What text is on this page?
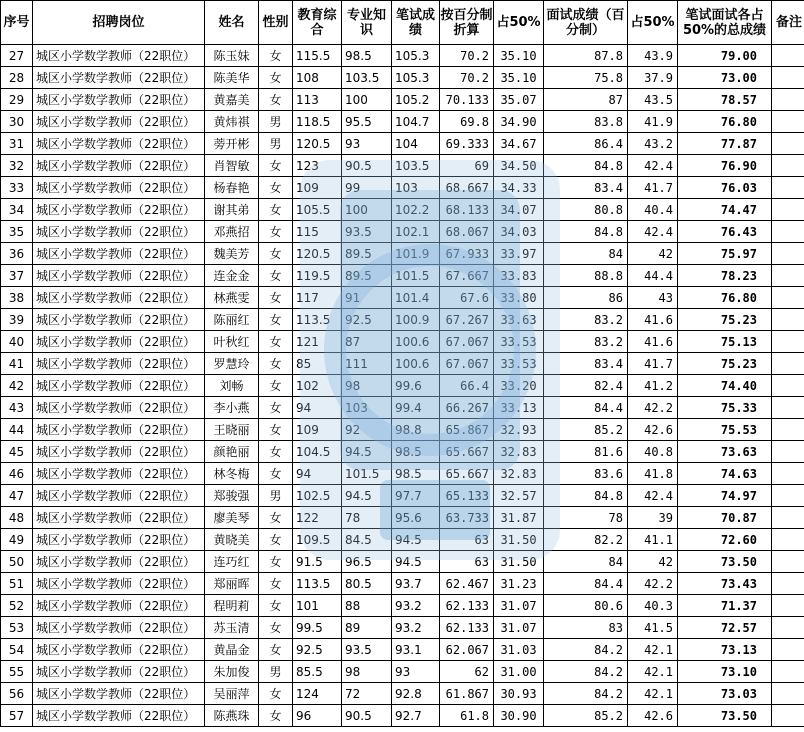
序号	招聘岗位	姓名	性别	教育综合	专业知识	笔试成绩	按百分制折算	占50%	面试成绩（百分制）	占50%	笔试面试各占50%的总成绩	备注
27	城区小学数学教师（22职位）	陈玉妹	女	115.5	98.5	105.3	70.2	35.10	87.8	43.9	79.00	
28	城区小学数学教师（22职位）	陈美华	女	108	103.5	105.3	70.2	35.10	75.8	37.9	73.00	
29	城区小学数学教师（22职位）	黄嘉美	女	113	100	105.2	70.133	35.07	87	43.5	78.57	
30	城区小学数学教师（22职位）	黄炜祺	男	118.5	95.5	104.7	69.8	34.90	83.8	41.9	76.80	
31	城区小学数学教师（22职位）	蒡开彬	男	120.5	93	104	69.333	34.67	86.4	43.2	77.87	
32	城区小学数学教师（22职位）	肖智敏	女	123	90.5	103.5	69	34.50	84.8	42.4	76.90	
33	城区小学数学教师（22职位）	杨春艳	女	109	99	103	68.667	34.33	83.4	41.7	76.03	
34	城区小学数学教师（22职位）	谢其弟	女	105.5	100	102.2	68.133	34.07	80.8	40.4	74.47	
35	城区小学数学教师（22职位）	邓燕招	女	115	93.5	102.1	68.067	34.03	84.8	42.4	76.43	
36	城区小学数学教师（22职位）	魏美芳	女	120.5	89.5	101.9	67.933	33.97	84	42	75.97	
37	城区小学数学教师（22职位）	连金金	女	119.5	89.5	101.5	67.667	33.83	88.8	44.4	78.23	
38	城区小学数学教师（22职位）	林燕雯	女	117	91	101.4	67.6	33.80	86	43	76.80	
39	城区小学数学教师（22职位）	陈丽红	女	113.5	92.5	100.9	67.267	33.63	83.2	41.6	75.23	
40	城区小学数学教师（22职位）	叶秋红	女	121	87	100.6	67.067	33.53	83.2	41.6	75.13	
41	城区小学数学教师（22职位）	罗慧玲	女	85	111	100.6	67.067	33.53	83.4	41.7	75.23	
42	城区小学数学教师（22职位）	刘畅	女	102	98	99.6	66.4	33.20	82.4	41.2	74.40	
43	城区小学数学教师（22职位）	李小燕	女	94	103	99.4	66.267	33.13	84.4	42.2	75.33	
44	城区小学数学教师（22职位）	王晓丽	女	109	92	98.8	65.867	32.93	85.2	42.6	75.53	
45	城区小学数学教师（22职位）	颜艳丽	女	104.5	94.5	98.5	65.667	32.83	81.6	40.8	73.63	
46	城区小学数学教师（22职位）	林冬梅	女	94	101.5	98.5	65.667	32.83	83.6	41.8	74.63	
47	城区小学数学教师（22职位）	郑骏强	男	102.5	94.5	97.7	65.133	32.57	84.8	42.4	74.97	
48	城区小学数学教师（22职位）	廖美琴	女	122	78	95.6	63.733	31.87	78	39	70.87	
49	城区小学数学教师（22职位）	黄晓美	女	109.5	84.5	94.5	63	31.50	82.2	41.1	72.60	
50	城区小学数学教师（22职位）	连巧红	女	91.5	96.5	94.5	63	31.50	84	42	73.50	
51	城区小学数学教师（22职位）	郑丽晖	女	113.5	80.5	93.7	62.467	31.23	84.4	42.2	73.43	
52	城区小学数学教师（22职位）	程明莉	女	101	88	93.2	62.133	31.07	80.6	40.3	71.37	
53	城区小学数学教师（22职位）	苏玉清	女	99.5	89	93.2	62.133	31.07	83	41.5	72.57	
54	城区小学数学教师（22职位）	黄晶金	女	92.5	93.5	93.1	62.067	31.03	84.2	42.1	73.13	
55	城区小学数学教师（22职位）	朱加俊	男	85.5	98	93	62	31.00	84.2	42.1	73.10	
56	城区小学数学教师（22职位）	吴丽萍	女	124	72	92.8	61.867	30.93	84.2	42.1	73.03	
57	城区小学数学教师（22职位）	陈燕珠	女	96	90.5	92.7	61.8	30.90	85.2	42.6	73.50	
